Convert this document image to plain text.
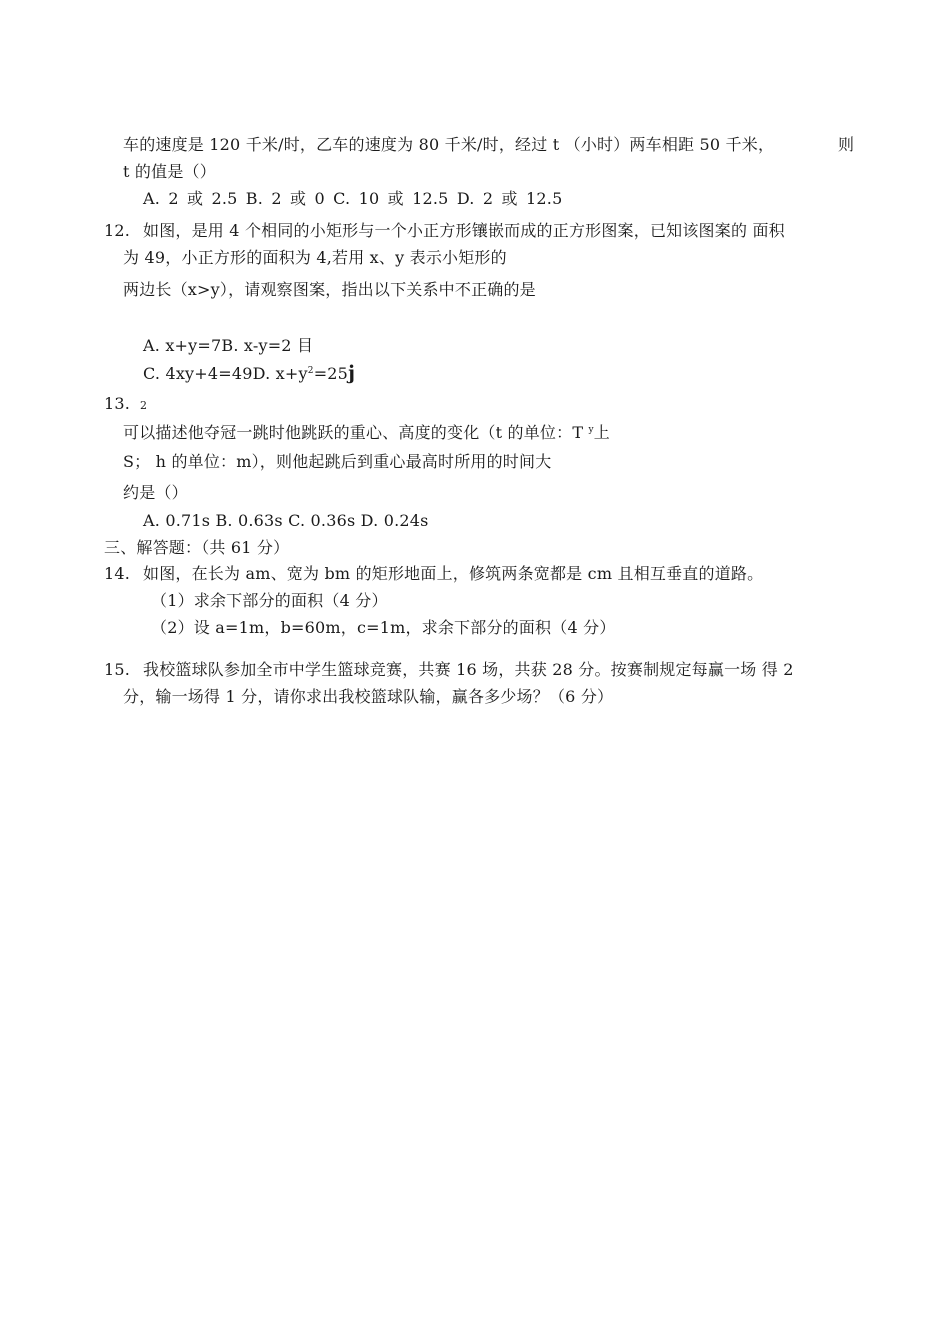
车的速度是 120 千米/时，乙车的速度为 80 千米/时，经过 t （小时）两车相距 50 千米，	则
t 的值是（）
A. 2 或 2.5 B. 2 或 0 C. 10 或 12.5 D. 2 或 12.5
12. 如图，是用 4 个相同的小矩形与一个小正方形镶嵌而成的正方形图案，已知该图案的 面积
为 49，小正方形的面积为 4,若用 x、y 表示小矩形的
两边长（x>y），请观察图案，指出以下关系中不正确的是
A. x+y=7B. x-y=2 目
C. 4xy+4=49D. $x+y^2=25j$
13. 2
可以描述他夺冠一跳时他跳跃的重心、高度的变化（t 的单位：T $^y$上
S； h 的单位：m），则他起跳后到重心最高时所用的时间大
约是（）
A. 0.71s B. 0.63s C. 0.36s D. 0.24s
三、解答题：（共 61 分）
14. 如图，在长为 am、宽为 bm 的矩形地面上，修筑两条宽都是 cm 且相互垂直的道路。
（1）求余下部分的面积（4 分）
（2）设 a=1m，b=60m，c=1m，求余下部分的面积（4 分）
15. 我校篮球队参加全市中学生篮球竞赛，共赛 16 场，共获 28 分。按赛制规定每赢一场 得 2
分，输一场得 1 分，请你求出我校篮球队输，赢各多少场？（6 分）
